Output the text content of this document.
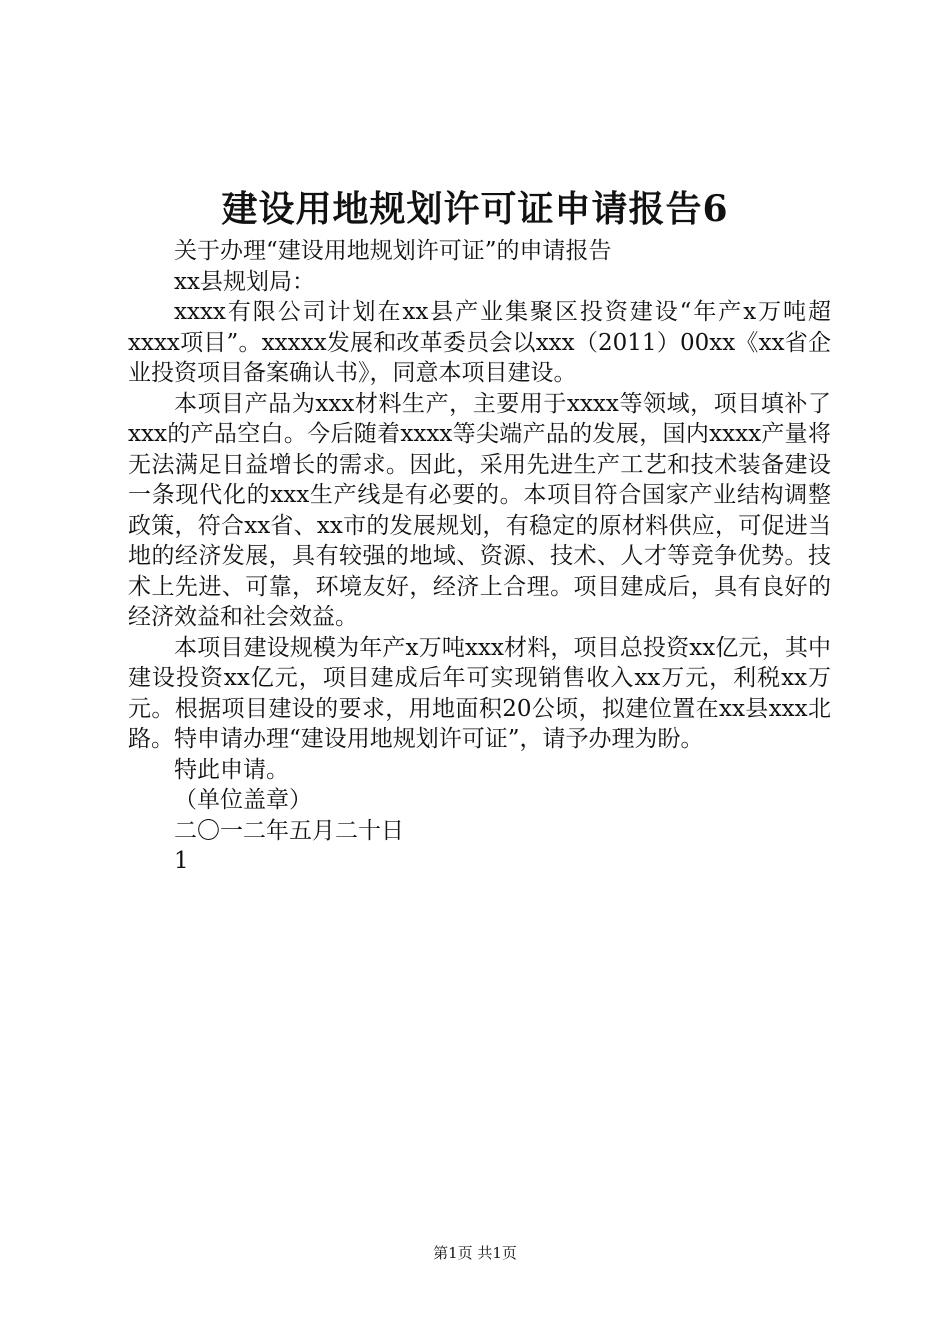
建设用地规划许可证申请报告6

关于办理“建设用地规划许可证”的申请报告

xx县规划局：

xxxx有限公司计划在xx县产业集聚区投资建设“年产x万吨超xxxx项目”。xxxxx发展和改革委员会以xxx（2011）00xx《xx省企业投资项目备案确认书》，同意本项目建设。

本项目产品为xxx材料生产，主要用于xxxx等领域，项目填补了xxx的产品空白。今后随着xxxx等尖端产品的发展，国内xxxx产量将无法满足日益增长的需求。因此，采用先进生产工艺和技术装备建设一条现代化的xxx生产线是有必要的。本项目符合国家产业结构调整政策，符合xx省、xx市的发展规划，有稳定的原材料供应，可促进当地的经济发展，具有较强的地域、资源、技术、人才等竞争优势。技术上先进、可靠，环境友好，经济上合理。项目建成后，具有良好的经济效益和社会效益。

本项目建设规模为年产x万吨xxx材料，项目总投资xx亿元，其中建设投资xx亿元，项目建成后年可实现销售收入xx万元，利税xx万元。根据项目建设的要求，用地面积20公顷，拟建位置在xx县xxx北路。特申请办理“建设用地规划许可证”，请予办理为盼。

特此申请。

（单位盖章）

二〇一二年五月二十日

1

第1页 共1页
